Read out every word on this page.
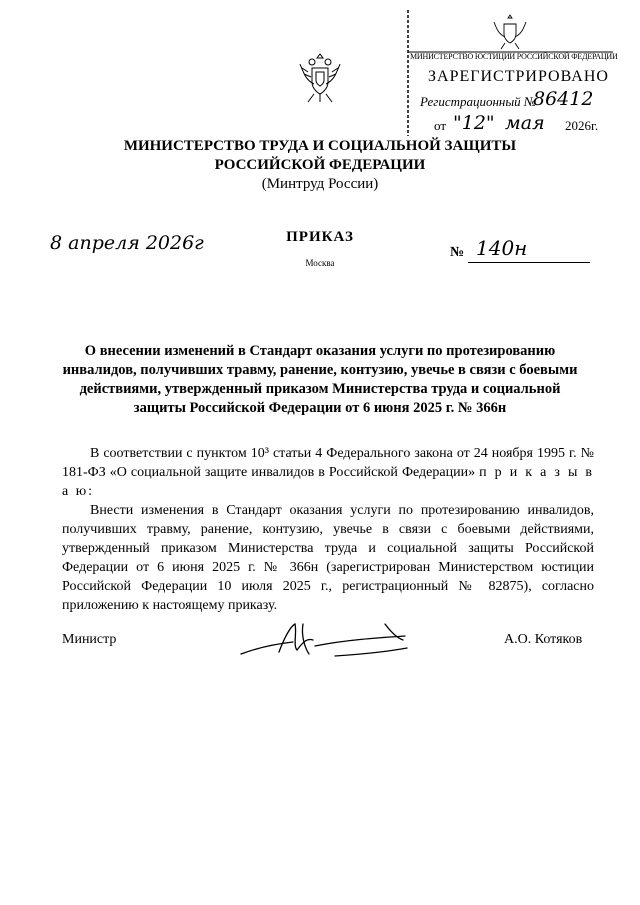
МИНИСТЕРСТВО ЮСТИЦИИ РОССИЙСКОЙ ФЕДЕРАЦИИ
ЗАРЕГИСТРИРОВАНО
Регистрационный №
86412
от "12" мая 2026г.
МИНИСТЕРСТВО ТРУДА И СОЦИАЛЬНОЙ ЗАЩИТЫ
РОССИЙСКОЙ ФЕДЕРАЦИИ
(Минтруд России)
ПРИКАЗ
8 апреля 2026г
Москва
№ 140н
О внесении изменений в Стандарт оказания услуги по протезированию инвалидов, получивших травму, ранение, контузию, увечье в связи с боевыми действиями, утвержденный приказом Министерства труда и социальной защиты Российской Федерации от 6 июня 2025 г. № 366н

В соответствии с пунктом 10³ статьи 4 Федерального закона от 24 ноября 1995 г. № 181-ФЗ «О социальной защите инвалидов в Российской Федерации» п р и к а з ы в а ю:

Внести изменения в Стандарт оказания услуги по протезированию инвалидов, получивших травму, ранение, контузию, увечье в связи с боевыми действиями, утвержденный приказом Министерства труда и социальной защиты Российской Федерации от 6 июня 2025 г. № 366н (зарегистрирован Министерством юстиции Российской Федерации 10 июля 2025 г., регистрационный № 82875), согласно приложению к настоящему приказу.

Министр	А.О. Котяков
